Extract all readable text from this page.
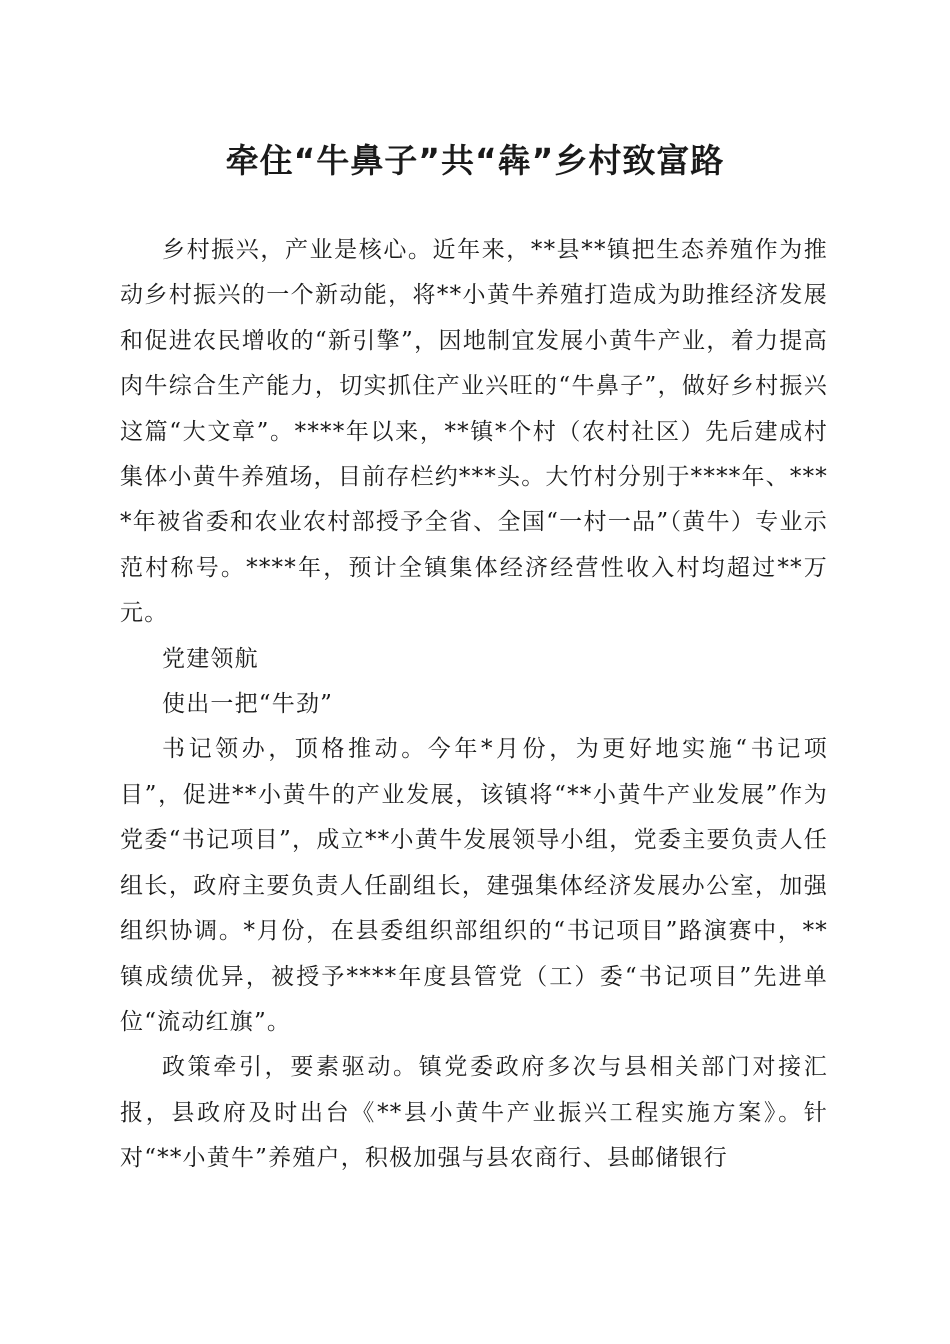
牵住“牛鼻子”共“犇”乡村致富路

乡村振兴，产业是核心。近年来，**县**镇把生态养殖作为推动乡村振兴的一个新动能，将**小黄牛养殖打造成为助推经济发展和促进农民增收的“新引擎”，因地制宜发展小黄牛产业，着力提高肉牛综合生产能力，切实抓住产业兴旺的“牛鼻子”，做好乡村振兴这篇“大文章”。****年以来，**镇*个村（农村社区）先后建成村集体小黄牛养殖场，目前存栏约***头。大竹村分别于****年、****年被省委和农业农村部授予全省、全国“一村一品”（黄牛）专业示范村称号。****年，预计全镇集体经济经营性收入村均超过**万元。

党建领航

使出一把“牛劲”

书记领办，顶格推动。今年*月份，为更好地实施“书记项目”，促进**小黄牛的产业发展，该镇将“**小黄牛产业发展”作为党委“书记项目”，成立**小黄牛发展领导小组，党委主要负责人任组长，政府主要负责人任副组长，建强集体经济发展办公室，加强组织协调。*月份，在县委组织部组织的“书记项目”路演赛中，**镇成绩优异，被授予****年度县管党（工）委“书记项目”先进单位“流动红旗”。

政策牵引，要素驱动。镇党委政府多次与县相关部门对接汇报，县政府及时出台《**县小黄牛产业振兴工程实施方案》。针对“**小黄牛”养殖户，积极加强与县农商行、县邮储银行
